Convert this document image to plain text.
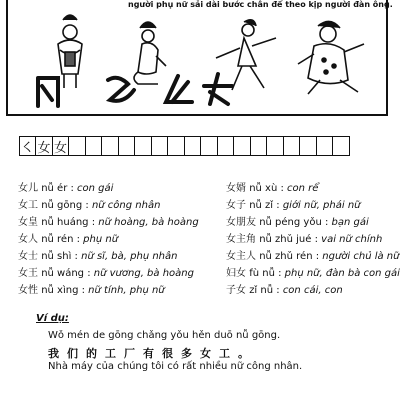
người phụ nữ sải dài bước chân để theo kịp người đàn ông.
㇛ 女 女
女儿 nǚ ér : con gái
女工 nǚ gōng : nữ công nhân
女皇 nǚ huáng : nữ hoàng, bà hoàng
女人 nǚ rén : phụ nữ
女士 nǚ shì : nữ sĩ, bà, phụ nhân
女王 nǚ wáng : nữ vương, bà hoàng
女性 nǚ xìng : nữ tính, phụ nữ
女婿 nǚ xù : con rể
女子 nǚ zǐ : giới nữ, phái nữ
女朋友 nǚ péng yǒu : bạn gái
女主角 nǚ zhǔ jué : vai nữ chính
女主人 nǚ zhǔ rén : người chủ là nữ
妇女 fù nǚ : phụ nữ, đàn bà con gái
子女 zǐ nǚ : con cái, con
Ví dụ:
Wǒ mén de gōng chǎng yǒu hěn duō nǚ gōng.
我们的工厂有很多女工。
Nhà máy của chúng tôi có rất nhiều nữ công nhân.
